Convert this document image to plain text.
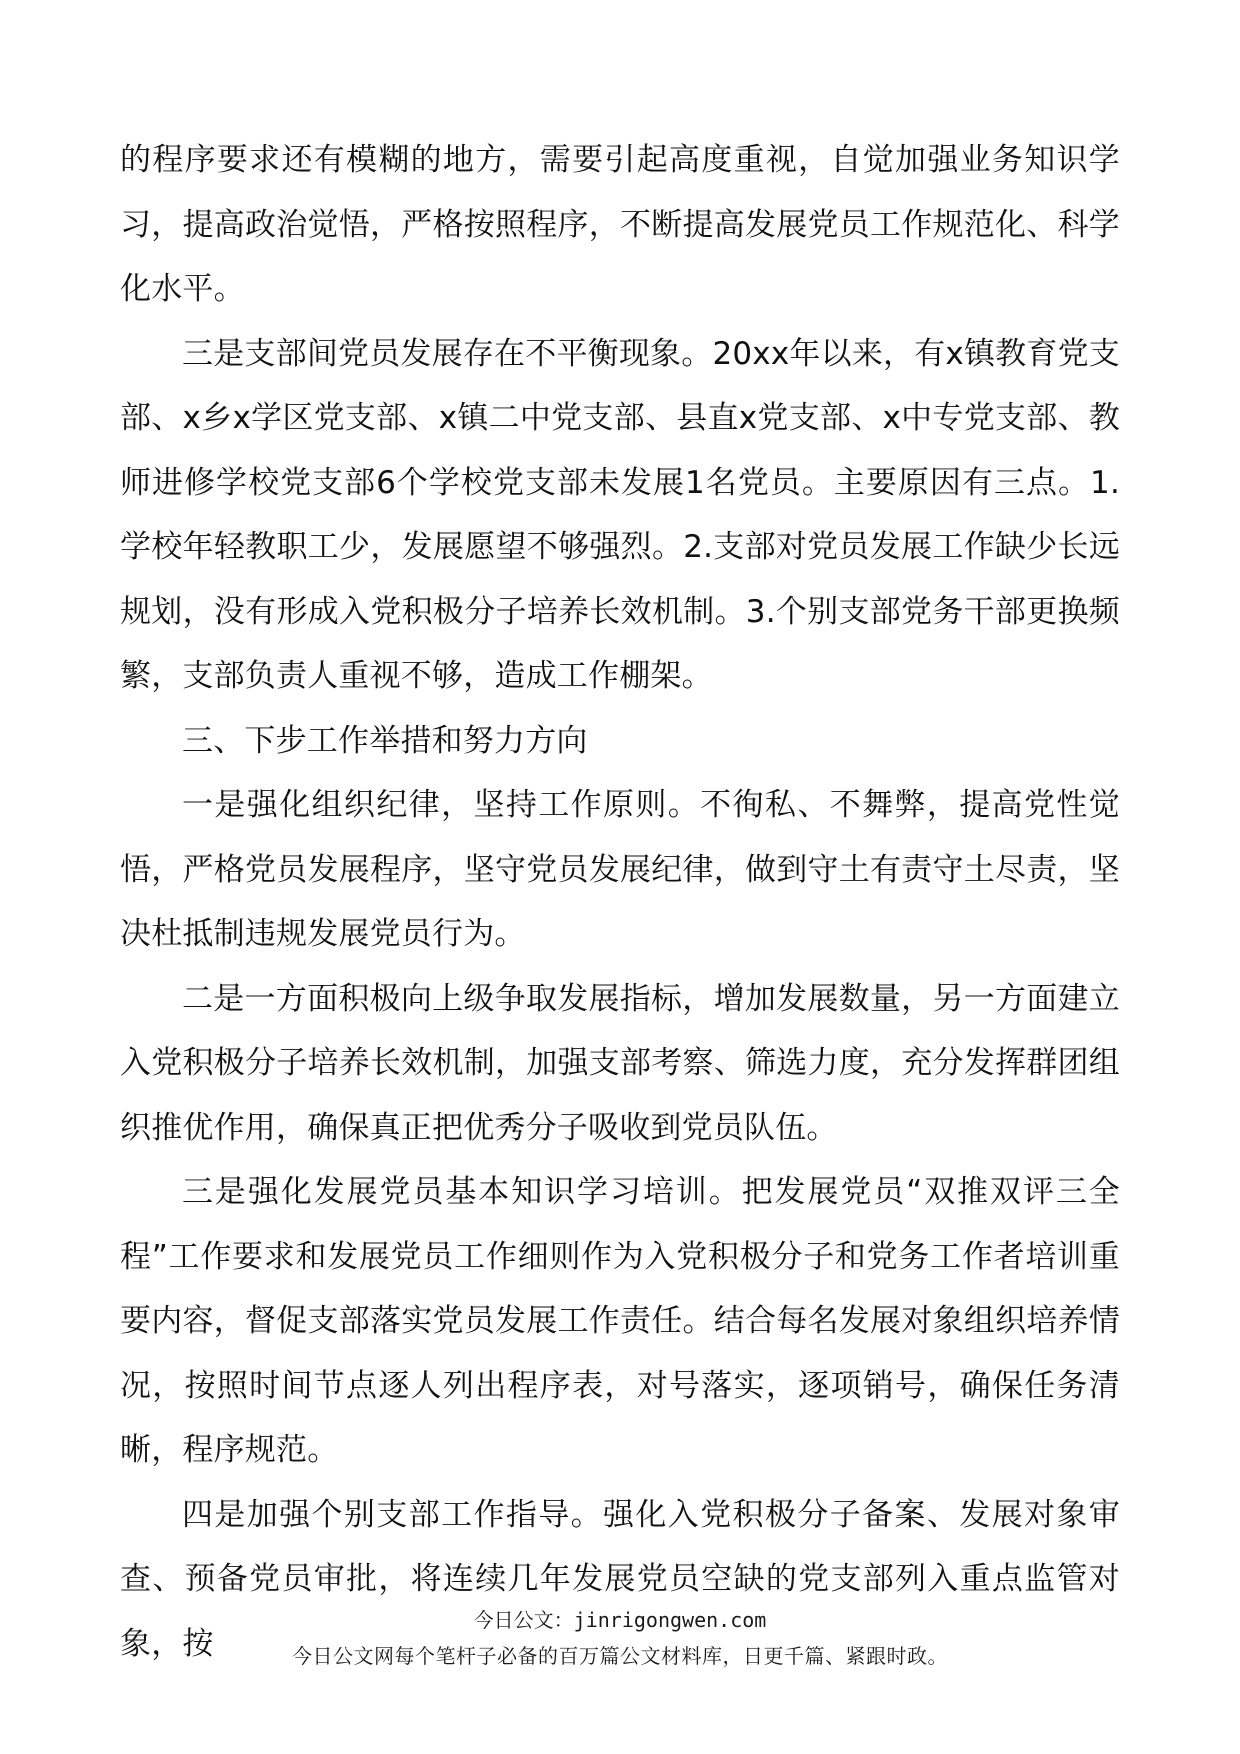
的程序要求还有模糊的地方，需要引起高度重视，自觉加强业务知识学习，提高政治觉悟，严格按照程序，不断提高发展党员工作规范化、科学化水平。

三是支部间党员发展存在不平衡现象。20xx年以来，有x镇教育党支部、x乡x学区党支部、x镇二中党支部、县直x党支部、x中专党支部、教师进修学校党支部6个学校党支部未发展1名党员。主要原因有三点。1.学校年轻教职工少，发展愿望不够强烈。2.支部对党员发展工作缺少长远规划，没有形成入党积极分子培养长效机制。3.个别支部党务干部更换频繁，支部负责人重视不够，造成工作棚架。

三、下步工作举措和努力方向

一是强化组织纪律，坚持工作原则。不徇私、不舞弊，提高党性觉悟，严格党员发展程序，坚守党员发展纪律，做到守土有责守土尽责，坚决杜抵制违规发展党员行为。

二是一方面积极向上级争取发展指标，增加发展数量，另一方面建立入党积极分子培养长效机制，加强支部考察、筛选力度，充分发挥群团组织推优作用，确保真正把优秀分子吸收到党员队伍。

三是强化发展党员基本知识学习培训。把发展党员“双推双评三全程”工作要求和发展党员工作细则作为入党积极分子和党务工作者培训重要内容，督促支部落实党员发展工作责任。结合每名发展对象组织培养情况，按照时间节点逐人列出程序表，对号落实，逐项销号，确保任务清晰，程序规范。

四是加强个别支部工作指导。强化入党积极分子备案、发展对象审查、预备党员审批，将连续几年发展党员空缺的党支部列入重点监管对象，按

今日公文：jinrigongwen.com
今日公文网每个笔杆子必备的百万篇公文材料库，日更千篇、紧跟时政。
